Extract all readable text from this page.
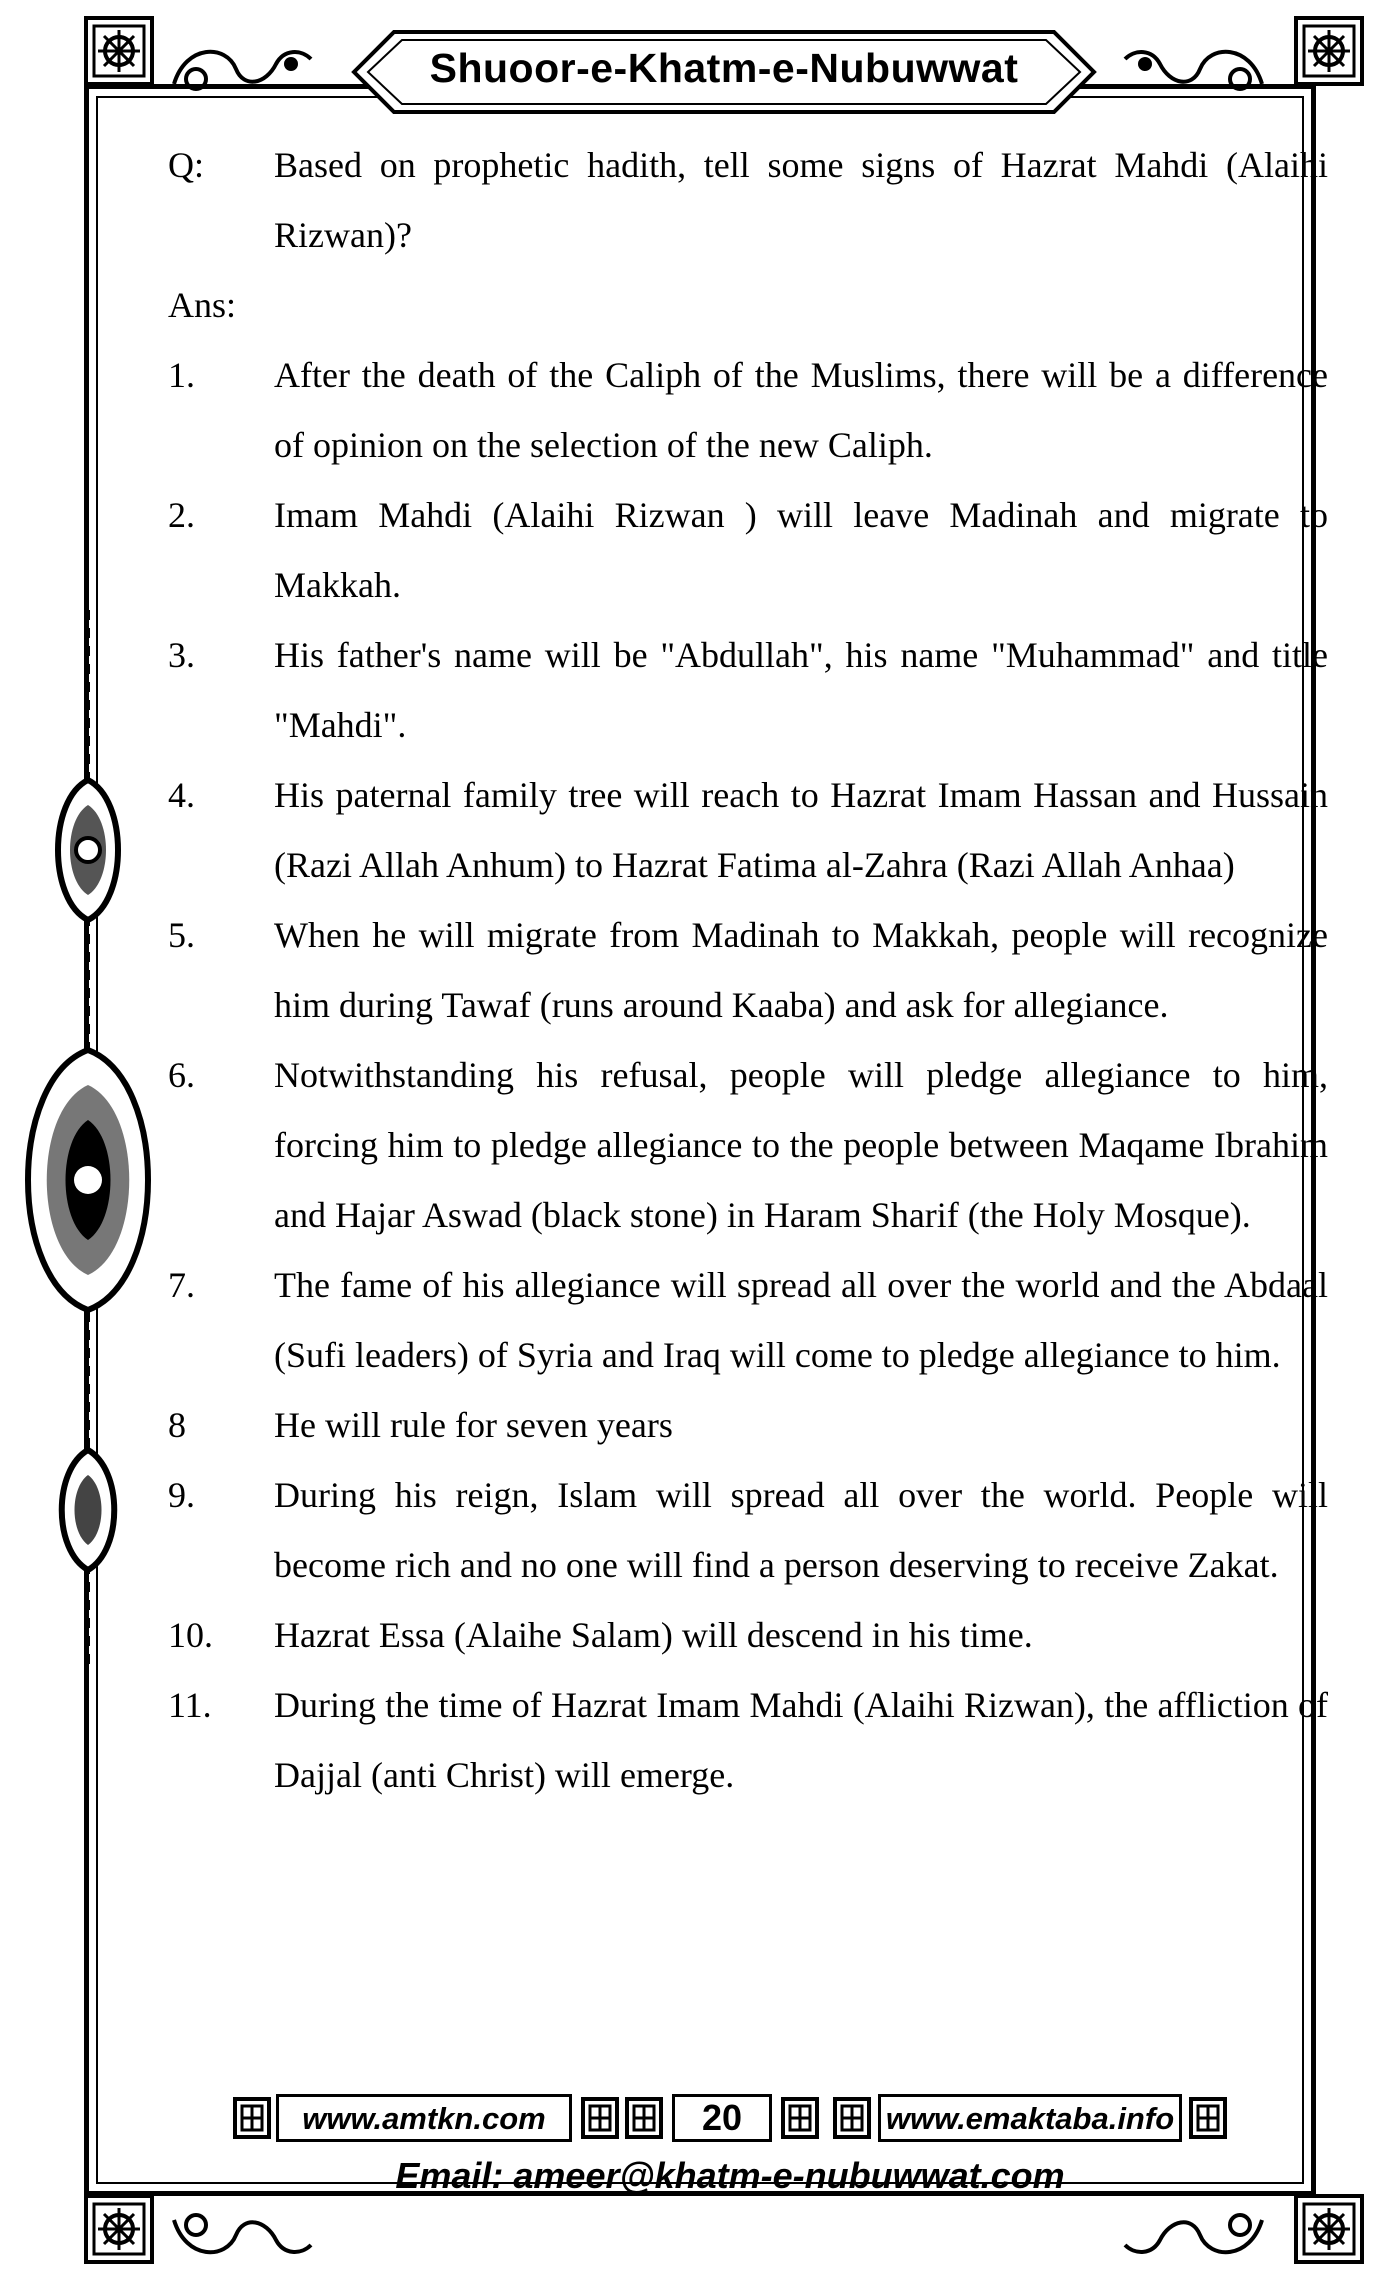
Shuoor-e-Khatm-e-Nubuwwat
Q:	Based on prophetic hadith, tell some signs of Hazrat Mahdi (Alaihi Rizwan)?
Ans:
1.	After the death of the Caliph of the Muslims, there will be a difference of opinion on the selection of the new Caliph.
2.	Imam Mahdi (Alaihi Rizwan ) will leave Madinah and migrate to Makkah.
3.	His father's name will be "Abdullah", his name "Muhammad" and title "Mahdi".
4.	His paternal family tree will reach to Hazrat Imam Hassan and Hussain (Razi Allah Anhum) to Hazrat Fatima al-Zahra (Razi Allah Anhaa)
5.	When he will migrate from Madinah to Makkah, people will recognize him during Tawaf (runs around Kaaba) and ask for allegiance.
6.	Notwithstanding his refusal, people will pledge allegiance to him, forcing him to pledge allegiance to the people between Maqame Ibrahim and Hajar Aswad (black stone) in Haram Sharif (the Holy Mosque).
7.	The fame of his allegiance will spread all over the world and the Abdaal (Sufi leaders) of Syria and Iraq will come to pledge allegiance to him.
8	He will rule for seven years
9.	During his reign, Islam will spread all over the world. People will become rich and no one will find a person deserving to receive Zakat.
10.	Hazrat Essa (Alaihe Salam) will descend in his time.
11.	During the time of Hazrat Imam Mahdi (Alaihi Rizwan), the affliction of Dajjal (anti Christ) will emerge.
www.amtkn.com	20	www.emaktaba.info
Email: ameer@khatm-e-nubuwwat.com
